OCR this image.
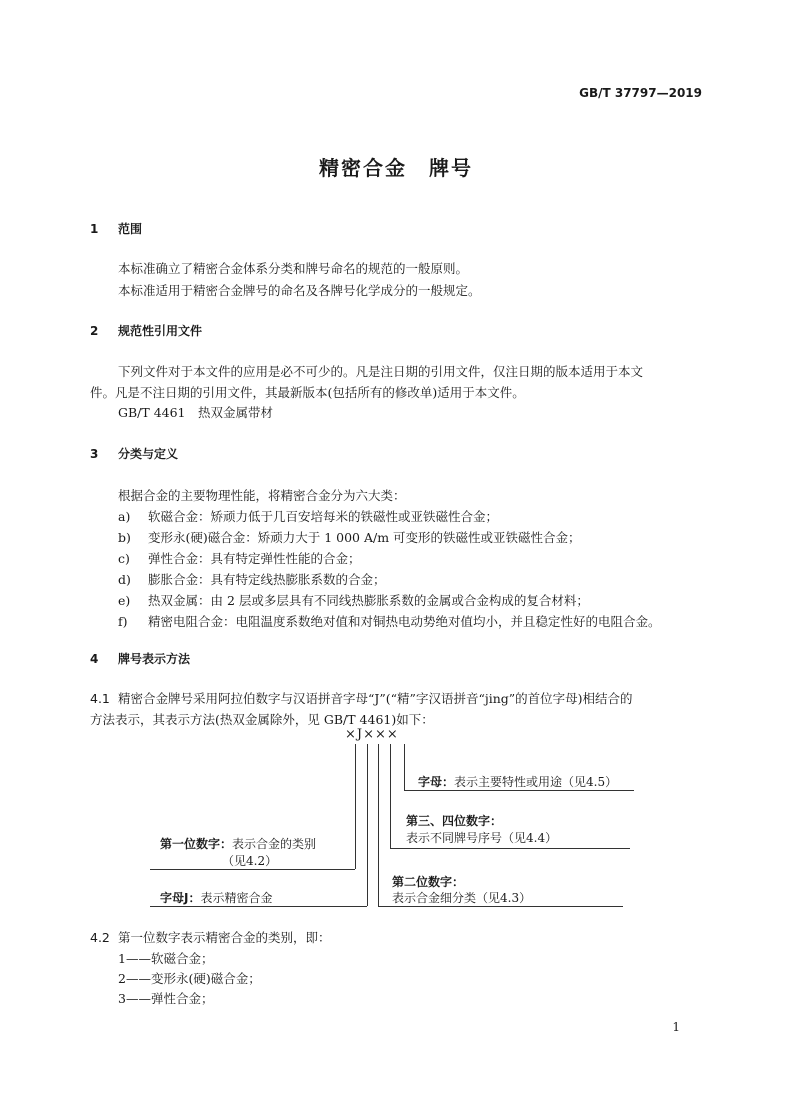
GB/T 37797—2019
精密合金　牌号
1 范围
本标准确立了精密合金体系分类和牌号命名的规范的一般原则。
本标准适用于精密合金牌号的命名及各牌号化学成分的一般规定。
2 规范性引用文件
下列文件对于本文件的应用是必不可少的。凡是注日期的引用文件，仅注日期的版本适用于本文
件。凡是不注日期的引用文件，其最新版本(包括所有的修改单)适用于本文件。
GB/T 4461　热双金属带材
3 分类与定义
根据合金的主要物理性能，将精密合金分为六大类：
a) 软磁合金：矫顽力低于几百安培每米的铁磁性或亚铁磁性合金；
b) 变形永(硬)磁合金：矫顽力大于 1 000 A/m 可变形的铁磁性或亚铁磁性合金；
c) 弹性合金：具有特定弹性性能的合金；
d) 膨胀合金：具有特定线热膨胀系数的合金；
e) 热双金属：由 2 层或多层具有不同线热膨胀系数的金属或合金构成的复合材料；
f) 精密电阻合金：电阻温度系数绝对值和对铜热电动势绝对值均小，并且稳定性好的电阻合金。
4 牌号表示方法
4.1 精密合金牌号采用阿拉伯数字与汉语拼音字母“J”(“精”字汉语拼音“jing”的首位字母)相结合的
方法表示，其表示方法(热双金属除外，见 GB/T 4461)如下：
×J×××
字母：表示主要特性或用途（见4.5）
第三、四位数字：
表示不同牌号序号（见4.4）
第一位数字：表示合金的类别
（见4.2）
第二位数字：
表示合金细分类（见4.3）
字母J：表示精密合金
4.2 第一位数字表示精密合金的类别，即：
1——软磁合金；
2——变形永(硬)磁合金；
3——弹性合金；
1
